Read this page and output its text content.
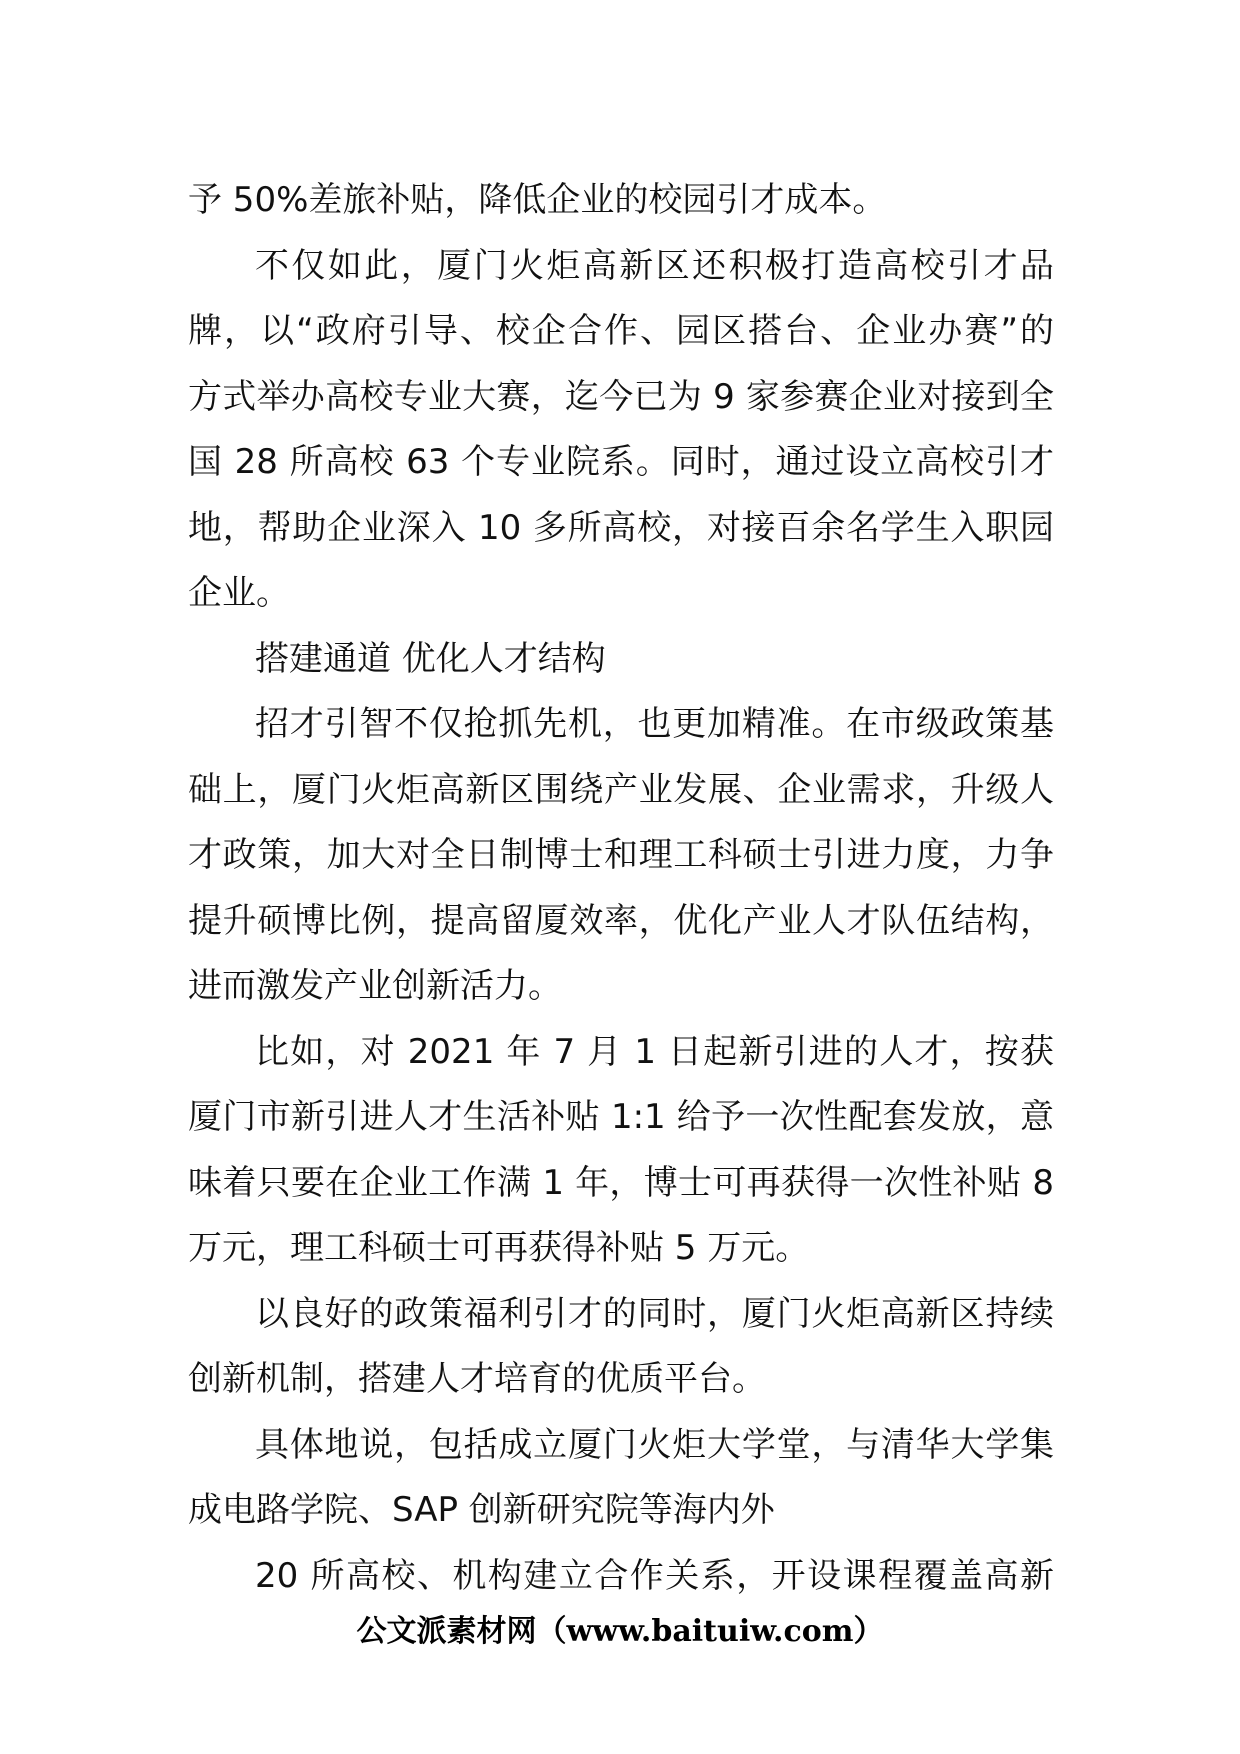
予 50%差旅补贴，降低企业的校园引才成本。
不仅如此，厦门火炬高新区还积极打造高校引才品
牌，以“政府引导、校企合作、园区搭台、企业办赛”的
方式举办高校专业大赛，迄今已为 9 家参赛企业对接到全
国 28 所高校 63 个专业院系。同时，通过设立高校引才
地，帮助企业深入 10 多所高校，对接百余名学生入职园
企业。
搭建通道 优化人才结构
招才引智不仅抢抓先机，也更加精准。在市级政策基
础上，厦门火炬高新区围绕产业发展、企业需求，升级人
才政策，加大对全日制博士和理工科硕士引进力度，力争
提升硕博比例，提高留厦效率，优化产业人才队伍结构，
进而激发产业创新活力。
比如，对 2021 年 7 月 1 日起新引进的人才，按获
厦门市新引进人才生活补贴 1:1 给予一次性配套发放，意
味着只要在企业工作满 1 年，博士可再获得一次性补贴 8
万元，理工科硕士可再获得补贴 5 万元。
以良好的政策福利引才的同时，厦门火炬高新区持续
创新机制，搭建人才培育的优质平台。
具体地说，包括成立厦门火炬大学堂，与清华大学集
成电路学院、SAP 创新研究院等海内外
20 所高校、机构建立合作关系，开设课程覆盖高新
公文派素材网（www.baituiw.com）
